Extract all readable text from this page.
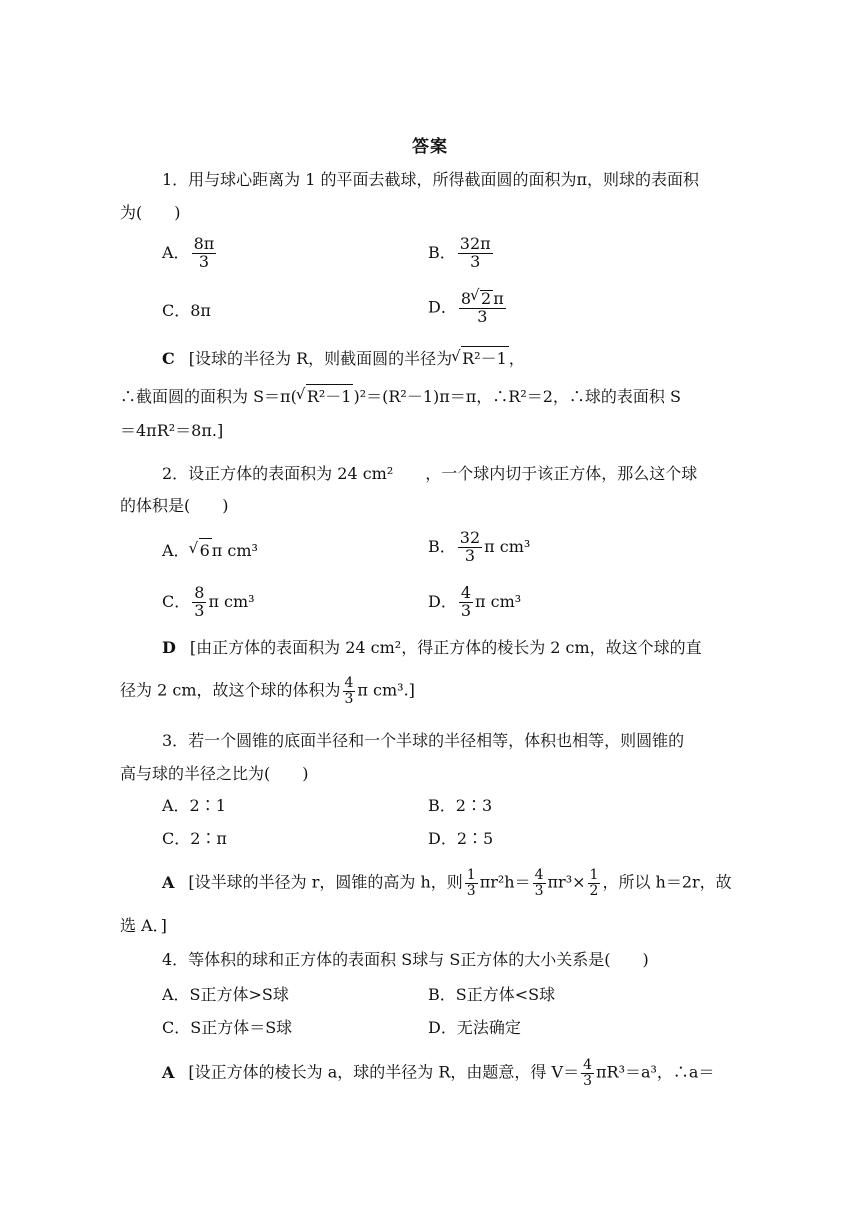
答案
1．用与球心距离为 1 的平面去截球，所得截面圆的面积为π，则球的表面积
为(　　)
A． $\frac{8\pi}{3}$	B． $\frac{32\pi}{3}$
C．8π	D． $\frac{8 √ 2 \pi}{3}$
C [设球的半径为 R，则截面圆的半径为 √ R²－1 ，
∴截面圆的面积为 S＝π( √ R²－1 )²＝(R²－1)π＝π，∴R²＝2，∴球的表面积 S
＝4πR²＝8π.]
2．设正方体的表面积为 24 cm²　　，一个球内切于该正方体，那么这个球
的体积是(　　)
A． √ 6 π cm³	B． $\frac{32}{3}$ π cm³
C． $\frac{8}{3}$ π cm³	D． $\frac{4}{3}$ π cm³
D [由正方体的表面积为 24 cm²，得正方体的棱长为 2 cm，故这个球的直
径为 2 cm，故这个球的体积为 $\frac{4}{3}$ π cm³.]
3．若一个圆锥的底面半径和一个半球的半径相等，体积也相等，则圆锥的
高与球的半径之比为(　　)
A．2∶1	B．2∶3
C．2∶π	D．2∶5
A [设半球的半径为 r，圆锥的高为 h，则 $\frac{1}{3} \pi r^2h= \frac{4}{3} \pi r^3\times \frac{1}{2}$ ，所以 h＝2r，故
选 A．]
4．等体积的球和正方体的表面积 S球与 S正方体的大小关系是(　　)
A．S正方体>S球	B．S正方体<S球
C．S正方体＝S球	D．无法确定
A [设正方体的棱长为 a，球的半径为 R，由题意，得 $V= \frac{4}{3} \pi R^3=a^3$，∴a＝
